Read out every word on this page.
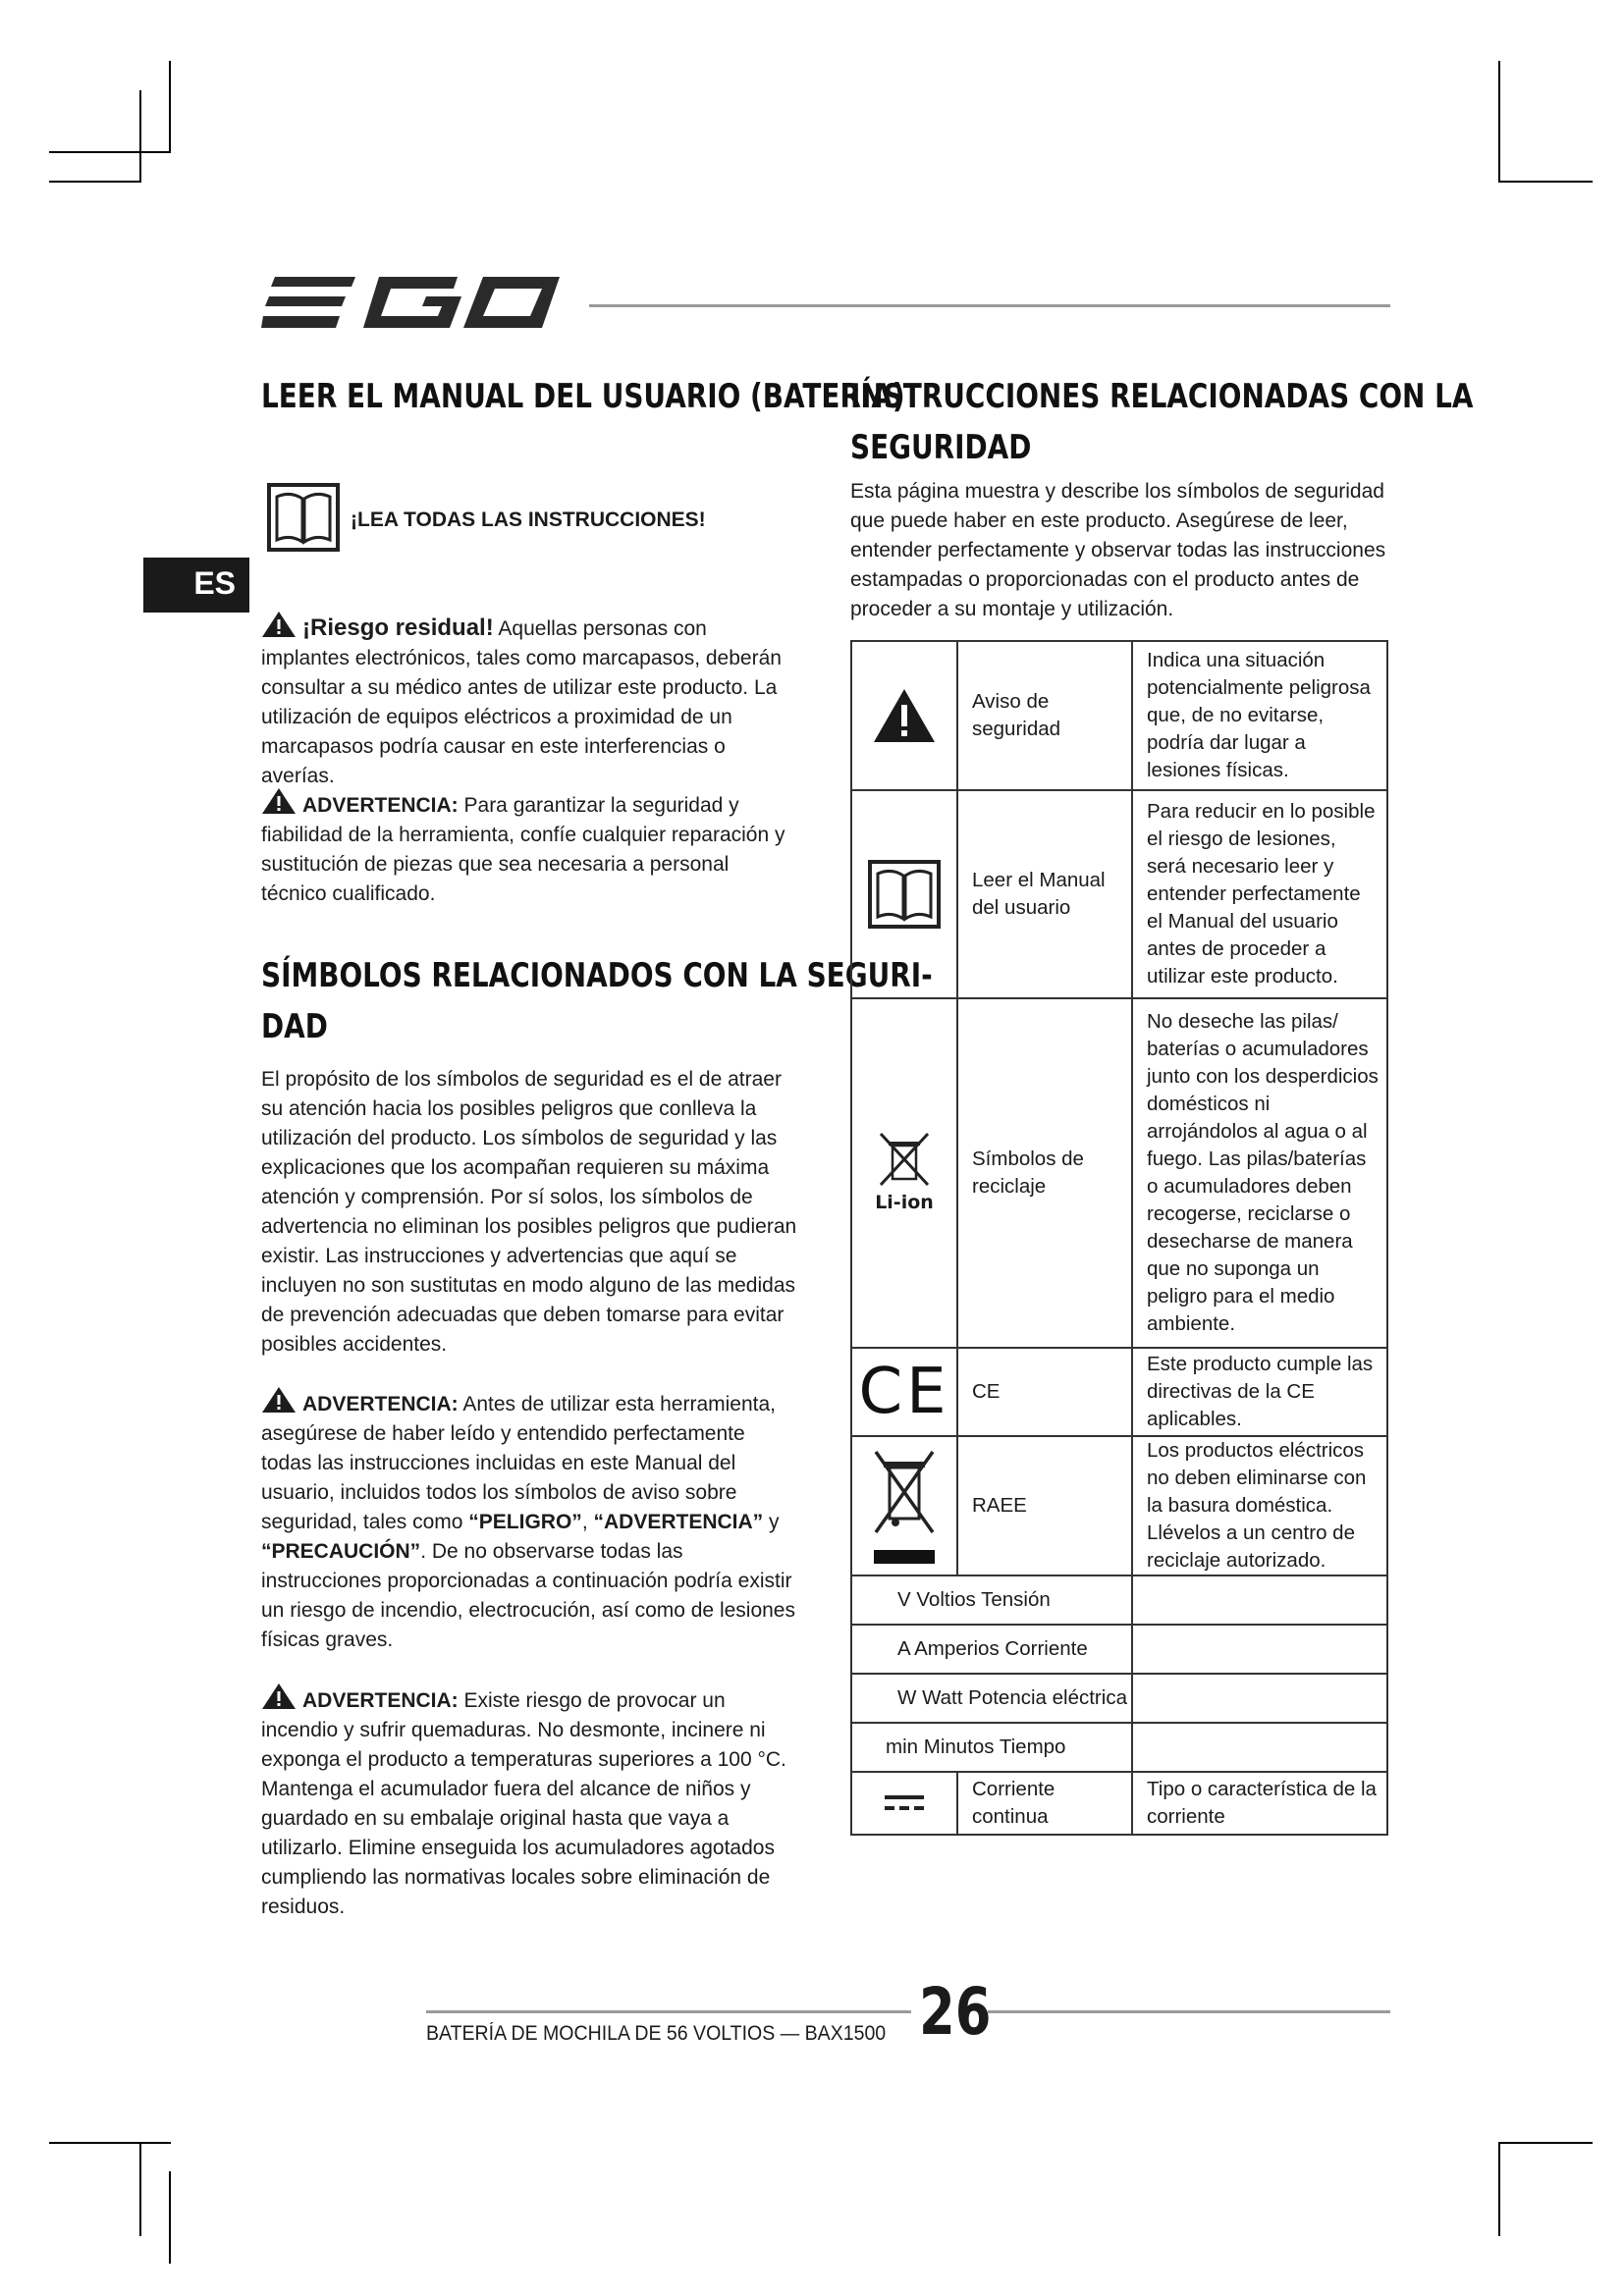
ES
LEER EL MANUAL DEL USUARIO (BATERÍA)
¡LEA TODAS LAS INSTRUCCIONES!

¡Riesgo residual! Aquellas personas con implantes electrónicos, tales como marcapasos, deberán consultar a su médico antes de utilizar este producto. La utilización de equipos eléctricos a proximidad de un marcapasos podría causar en este interferencias o averías.

ADVERTENCIA: Para garantizar la seguridad y fiabilidad de la herramienta, confíe cualquier reparación y sustitución de piezas que sea necesaria a personal técnico cualificado.

SÍMBOLOS RELACIONADOS CON LA SEGURI-
DAD

El propósito de los símbolos de seguridad es el de atraer su atención hacia los posibles peligros que conlleva la utilización del producto. Los símbolos de seguridad y las explicaciones que los acompañan requieren su máxima atención y comprensión. Por sí solos, los símbolos de advertencia no eliminan los posibles peligros que pudieran existir. Las instrucciones y advertencias que aquí se incluyen no son sustitutas en modo alguno de las medidas de prevención adecuadas que deben tomarse para evitar posibles accidentes.

ADVERTENCIA: Antes de utilizar esta herramienta, asegúrese de haber leído y entendido perfectamente todas las instrucciones incluidas en este Manual del usuario, incluidos todos los símbolos de aviso sobre seguridad, tales como “PELIGRO”, “ADVERTENCIA” y “PRECAUCIÓN”. De no observarse todas las instrucciones proporcionadas a continuación podría existir un riesgo de incendio, electrocución, así como de lesiones físicas graves.

ADVERTENCIA: Existe riesgo de provocar un incendio y sufrir quemaduras. No desmonte, incinere ni exponga el producto a temperaturas superiores a 100 °C. Mantenga el acumulador fuera del alcance de niños y guardado en su embalaje original hasta que vaya a utilizarlo. Elimine enseguida los acumuladores agotados cumpliendo las normativas locales sobre eliminación de residuos.

INSTRUCCIONES RELACIONADAS CON LA
SEGURIDAD

Esta página muestra y describe los símbolos de seguridad que puede haber en este producto. Asegúrese de leer, entender perfectamente y observar todas las instrucciones estampadas o proporcionadas con el producto antes de proceder a su montaje y utilización.

	Aviso de seguridad	Indica una situación potencialmente peligrosa que, de no evitarse, podría dar lugar a lesiones físicas.

	Leer el Manual del usuario	Para reducir en lo posible el riesgo de lesiones, será necesario leer y entender perfectamente el Manual del usuario antes de proceder a utilizar este producto.

Li-ion	Símbolos de reciclaje	No deseche las pilas/ baterías o acumuladores junto con los desperdicios domésticos ni arrojándolos al agua o al fuego. Las pilas/baterías o acumuladores deben recogerse, reciclarse o desecharse de manera que no suponga un peligro para el medio ambiente.

CE	CE	Este producto cumple las directivas de la CE aplicables.

	RAEE	Los productos eléctricos no deben eliminarse con la basura doméstica. Llévelos a un centro de reciclaje autorizado.
V Voltios Tensión		
A Amperios Corriente		
W Watt Potencia eléctrica		
min Minutos Tiempo		

	Corriente continua	Tipo o característica de la corriente
BATERÍA DE MOCHILA DE 56 VOLTIOS — BAX1500 26
